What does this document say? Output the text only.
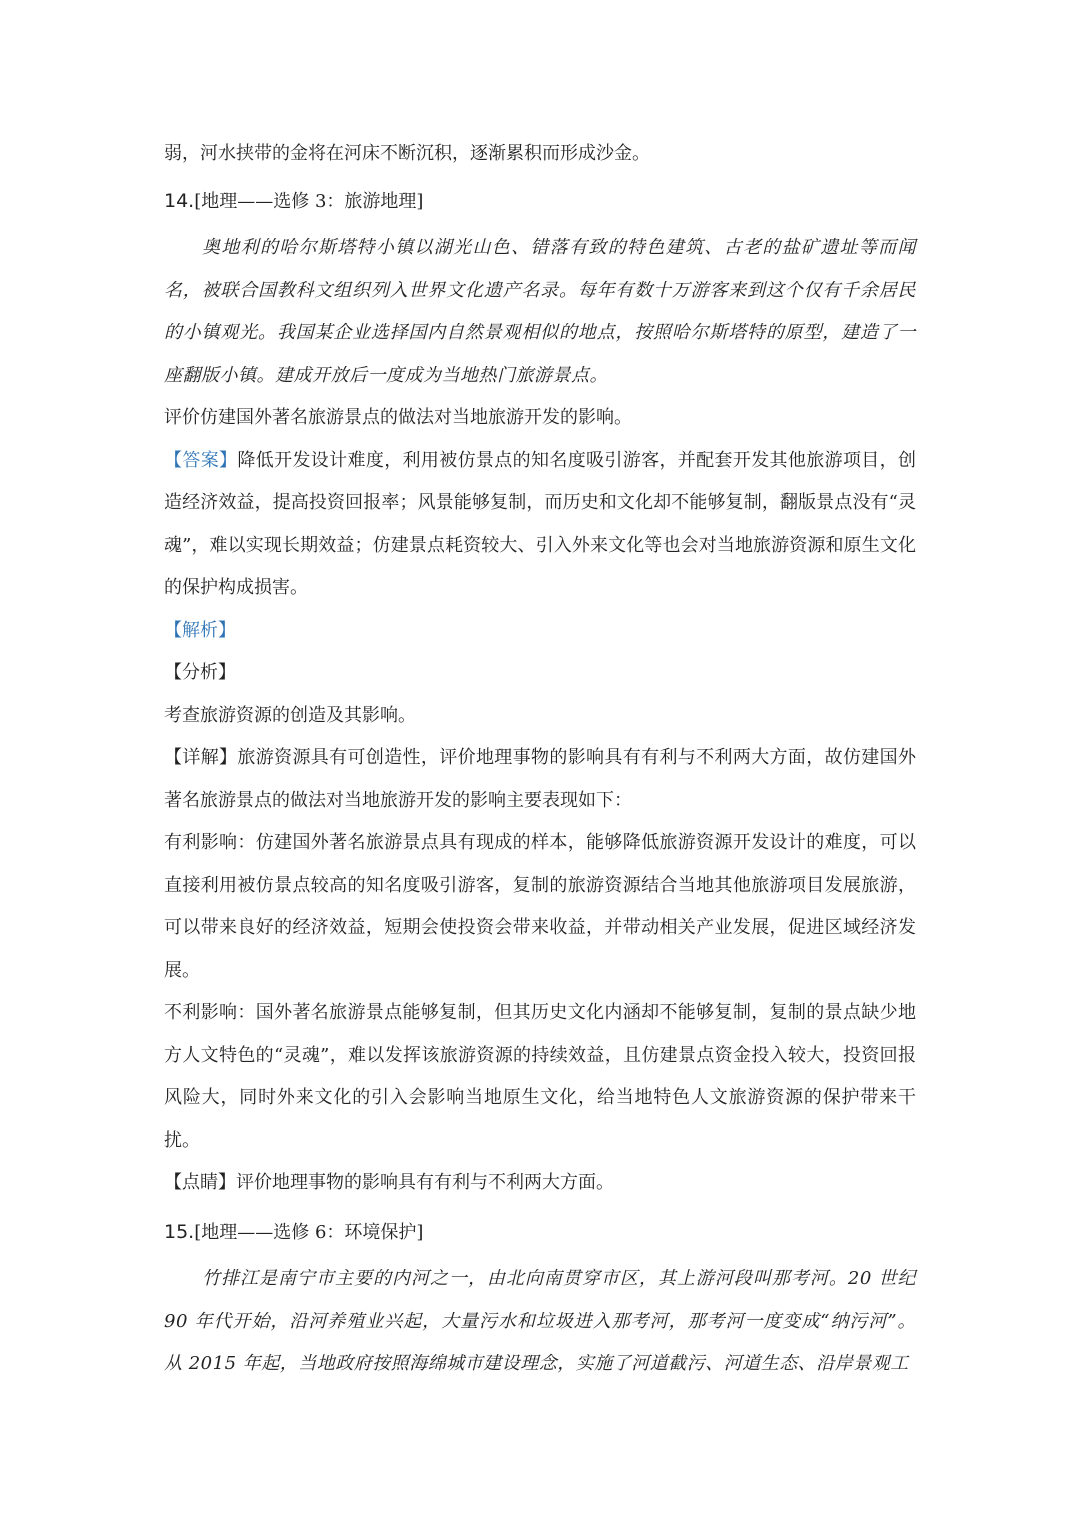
弱，河水挟带的金将在河床不断沉积，逐渐累积而形成沙金。

14.[地理——选修 3：旅游地理]

奥地利的哈尔斯塔特小镇以湖光山色、错落有致的特色建筑、古老的盐矿遗址等而闻名，被联合国教科文组织列入世界文化遗产名录。每年有数十万游客来到这个仅有千余居民的小镇观光。我国某企业选择国内自然景观相似的地点，按照哈尔斯塔特的原型，建造了一座翻版小镇。建成开放后一度成为当地热门旅游景点。

评价仿建国外著名旅游景点的做法对当地旅游开发的影响。

【答案】降低开发设计难度，利用被仿景点的知名度吸引游客，并配套开发其他旅游项目，创造经济效益，提高投资回报率；风景能够复制，而历史和文化却不能够复制，翻版景点没有“灵魂”，难以实现长期效益；仿建景点耗资较大、引入外来文化等也会对当地旅游资源和原生文化的保护构成损害。

【解析】

【分析】

考查旅游资源的创造及其影响。

【详解】旅游资源具有可创造性，评价地理事物的影响具有有利与不利两大方面，故仿建国外著名旅游景点的做法对当地旅游开发的影响主要表现如下：

有利影响：仿建国外著名旅游景点具有现成的样本，能够降低旅游资源开发设计的难度，可以直接利用被仿景点较高的知名度吸引游客，复制的旅游资源结合当地其他旅游项目发展旅游，可以带来良好的经济效益，短期会使投资会带来收益，并带动相关产业发展，促进区域经济发展。

不利影响：国外著名旅游景点能够复制，但其历史文化内涵却不能够复制，复制的景点缺少地方人文特色的“灵魂”，难以发挥该旅游资源的持续效益，且仿建景点资金投入较大，投资回报风险大，同时外来文化的引入会影响当地原生文化，给当地特色人文旅游资源的保护带来干扰。

【点睛】评价地理事物的影响具有有利与不利两大方面。

15.[地理——选修 6：环境保护]

竹排江是南宁市主要的内河之一，由北向南贯穿市区，其上游河段叫那考河。20 世纪 90 年代开始，沿河养殖业兴起，大量污水和垃圾进入那考河，那考河一度变成“纳污河”。从 2015 年起，当地政府按照海绵城市建设理念，实施了河道截污、河道生态、沿岸景观工
